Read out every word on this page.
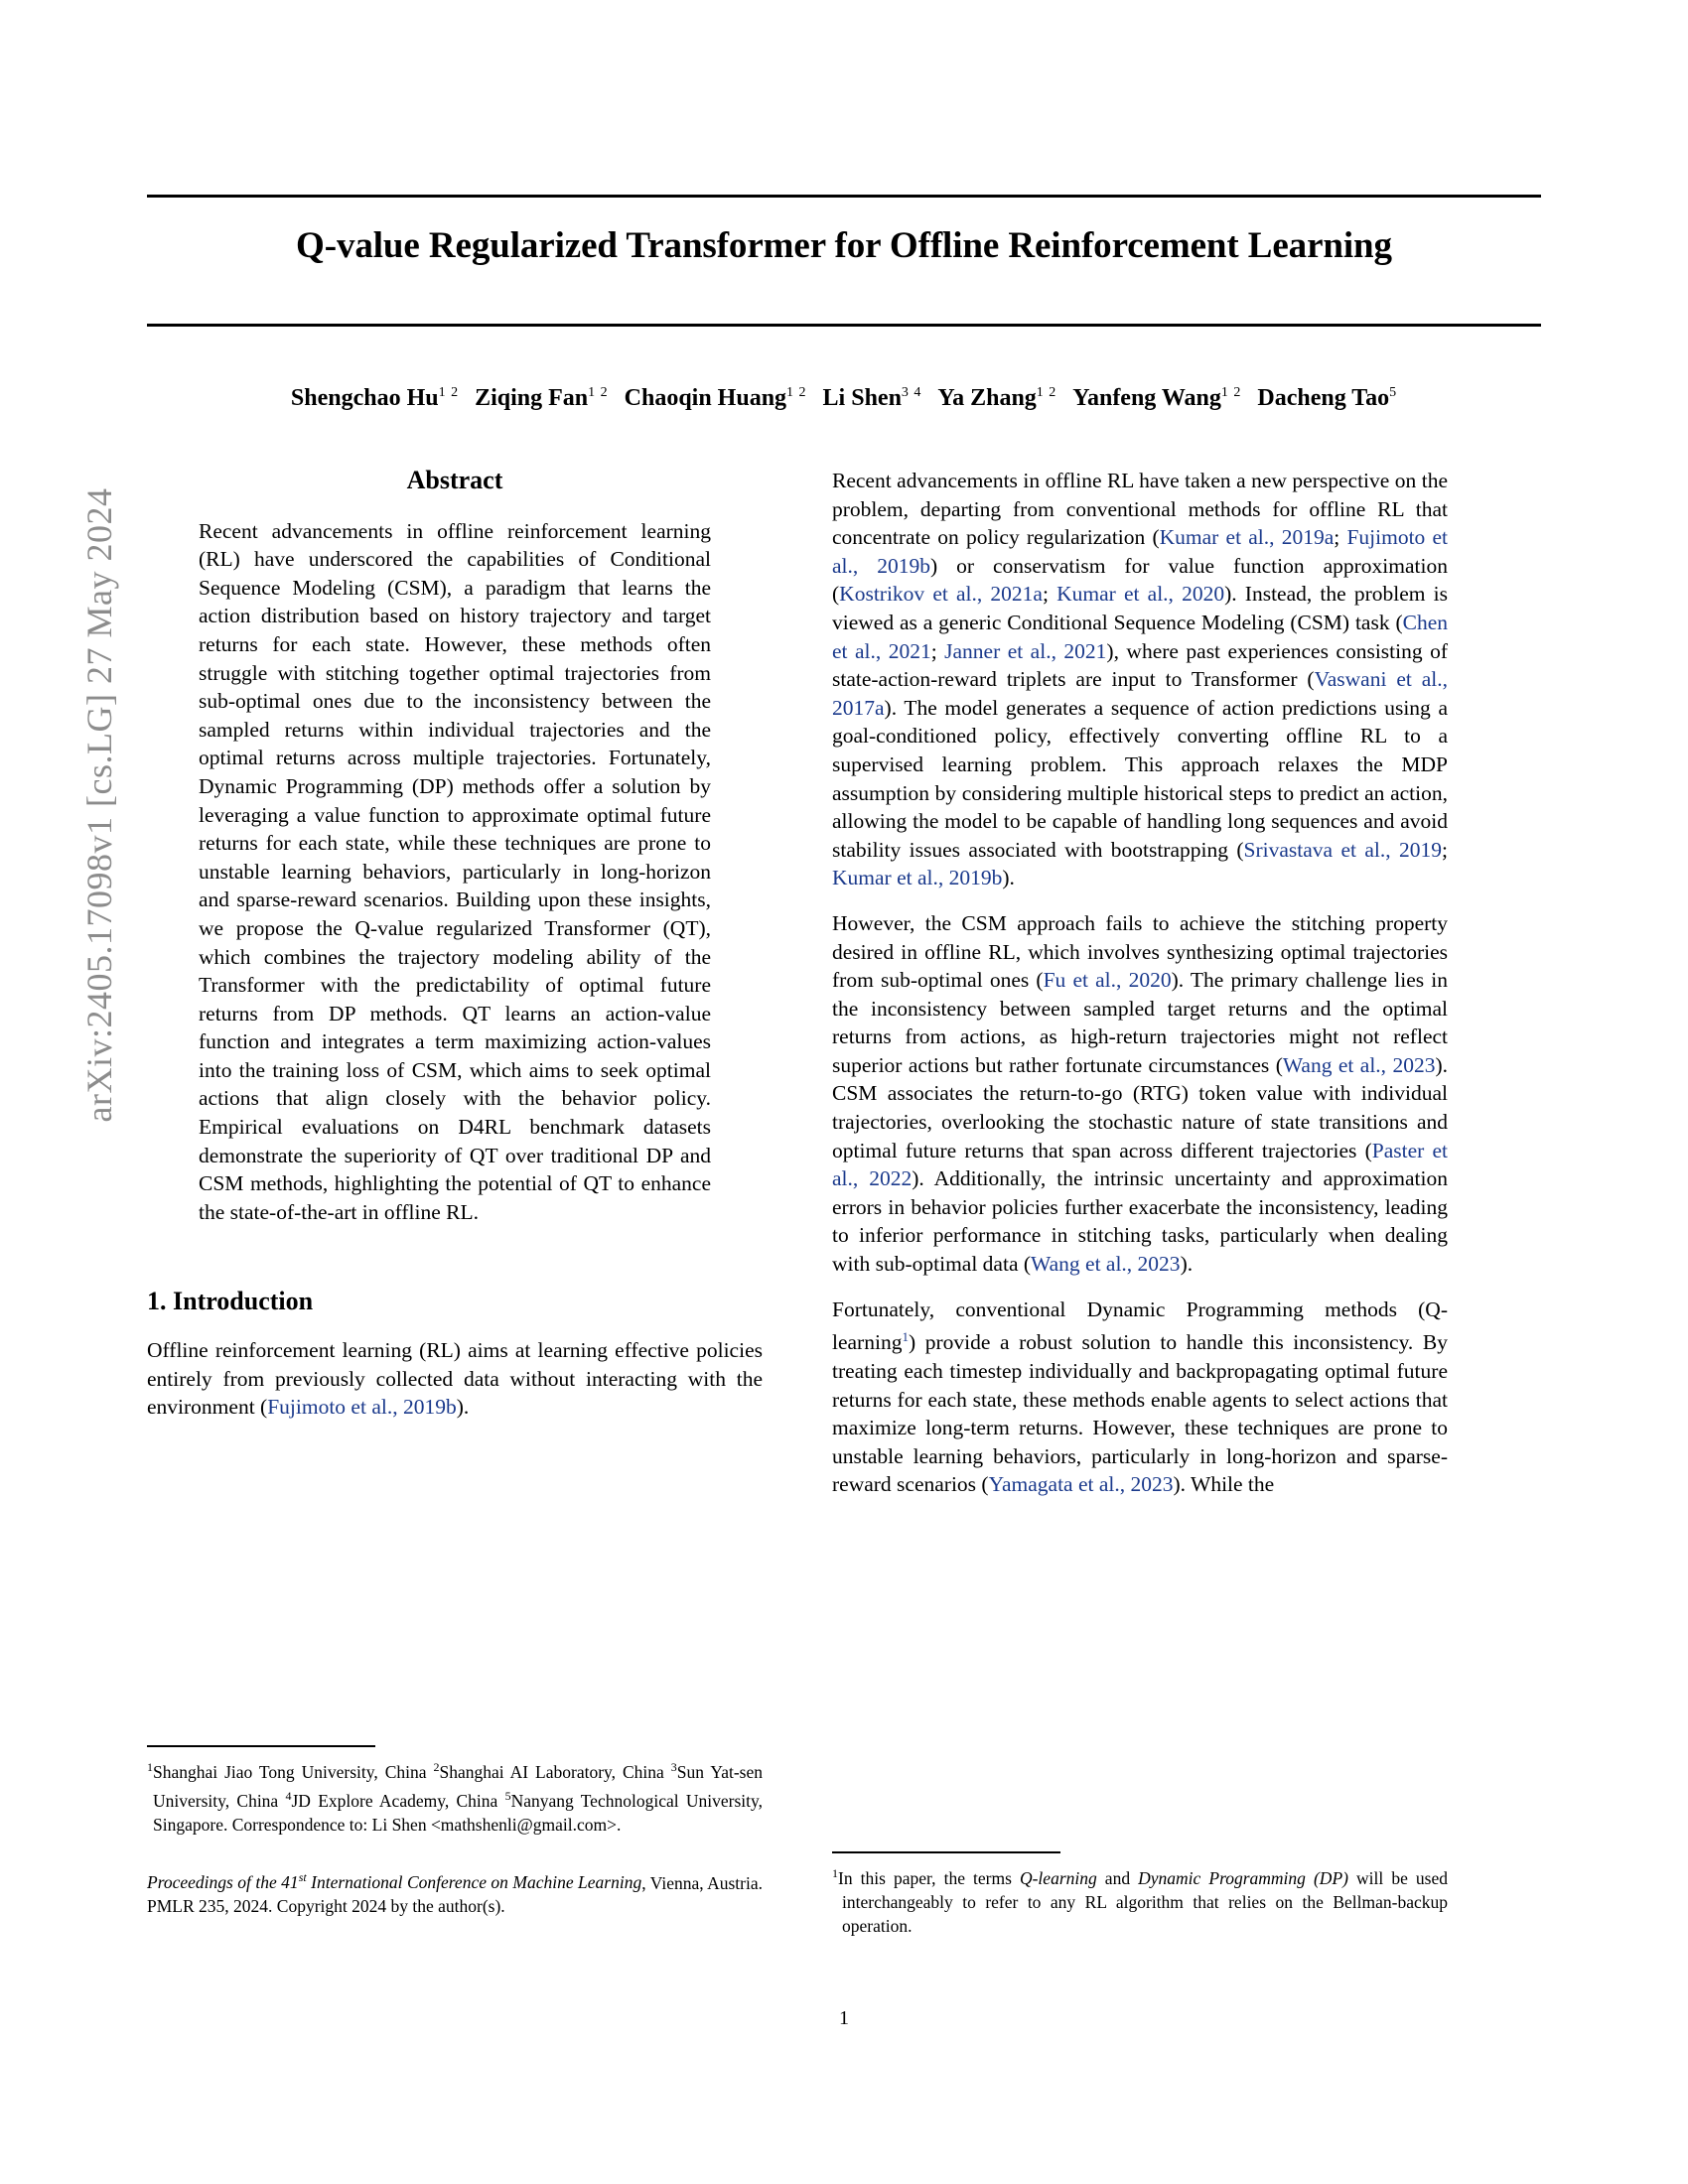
arXiv:2405.17098v1 [cs.LG] 27 May 2024
Q-value Regularized Transformer for Offline Reinforcement Learning
Shengchao $Hu^{1 2}$ Ziqing Fan$^{1 2}$ Chaoqin Huang$^{1 2}$ Li Shen$^{3 4}$ Ya Zhang$^{1 2}$ Yanfeng Wang$^{1 2}$ Dacheng Tao$^5$
Abstract
Recent advancements in offline reinforcement learning (RL) have underscored the capabilities of Conditional Sequence Modeling (CSM), a paradigm that learns the action distribution based on history trajectory and target returns for each state. However, these methods often struggle with stitching together optimal trajectories from sub-optimal ones due to the inconsistency between the sampled returns within individual trajectories and the optimal returns across multiple trajectories. Fortunately, Dynamic Programming (DP) methods offer a solution by leveraging a value function to approximate optimal future returns for each state, while these techniques are prone to unstable learning behaviors, particularly in long-horizon and sparse-reward scenarios. Building upon these insights, we propose the Q-value regularized Transformer (QT), which combines the trajectory modeling ability of the Transformer with the predictability of optimal future returns from DP methods. QT learns an action-value function and integrates a term maximizing action-values into the training loss of CSM, which aims to seek optimal actions that align closely with the behavior policy. Empirical evaluations on D4RL benchmark datasets demonstrate the superiority of QT over traditional DP and CSM methods, highlighting the potential of QT to enhance the state-of-the-art in offline RL.
1. Introduction

Offline reinforcement learning (RL) aims at learning effective policies entirely from previously collected data without interacting with the environment (Fujimoto et al., 2019b).

Recent advancements in offline RL have taken a new perspective on the problem, departing from conventional methods for offline RL that concentrate on policy regularization (Kumar et al., 2019a; Fujimoto et al., 2019b) or conservatism for value function approximation (Kostrikov et al., 2021a; Kumar et al., 2020). Instead, the problem is viewed as a generic Conditional Sequence Modeling (CSM) task (Chen et al., 2021; Janner et al., 2021), where past experiences consisting of state-action-reward triplets are input to Transformer (Vaswani et al., 2017a). The model generates a sequence of action predictions using a goal-conditioned policy, effectively converting offline RL to a supervised learning problem. This approach relaxes the MDP assumption by considering multiple historical steps to predict an action, allowing the model to be capable of handling long sequences and avoid stability issues associated with bootstrapping (Srivastava et al., 2019; Kumar et al., 2019b).

However, the CSM approach fails to achieve the stitching property desired in offline RL, which involves synthesizing optimal trajectories from sub-optimal ones (Fu et al., 2020). The primary challenge lies in the inconsistency between sampled target returns and the optimal returns from actions, as high-return trajectories might not reflect superior actions but rather fortunate circumstances (Wang et al., 2023). CSM associates the return-to-go (RTG) token value with individual trajectories, overlooking the stochastic nature of state transitions and optimal future returns that span across different trajectories (Paster et al., 2022). Additionally, the intrinsic uncertainty and approximation errors in behavior policies further exacerbate the inconsistency, leading to inferior performance in stitching tasks, particularly when dealing with sub-optimal data (Wang et al., 2023).

Fortunately, conventional Dynamic Programming methods (Q-learning$^1$) provide a robust solution to handle this inconsistency. By treating each timestep individually and backpropagating optimal future returns for each state, these methods enable agents to select actions that maximize long-term returns. However, these techniques are prone to unstable learning behaviors, particularly in long-horizon and sparse-reward scenarios (Yamagata et al., 2023). While the

$^1$Shanghai Jiao Tong University, China $^2$Shanghai AI Laboratory, China $^3$Sun Yat-sen University, China $^4$JD Explore Academy, China $^5$Nanyang Technological University, Singapore. Correspondence to: Li Shen <mathshenli@gmail.com>.

Proceedings of the 41st International Conference on Machine Learning, Vienna, Austria. PMLR 235, 2024. Copyright 2024 by the author(s).

$^1$In this paper, the terms Q-learning and Dynamic Programming (DP) will be used interchangeably to refer to any RL algorithm that relies on the Bellman-backup operation.

1
